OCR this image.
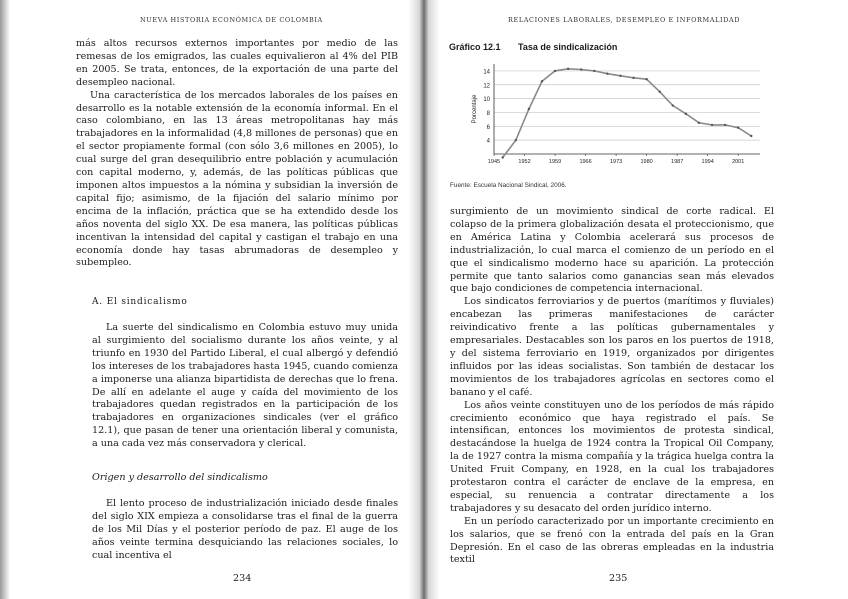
NUEVA HISTORIA ECONÓMICA DE COLOMBIA

más altos recursos externos importantes por medio de las remesas de los emigrados, las cuales equivalieron al 4% del PIB en 2005. Se trata, entonces, de la exportación de una parte del desempleo nacional.

Una característica de los mercados laborales de los países en desarrollo es la notable extensión de la economía informal. En el caso colombiano, en las 13 áreas metropolitanas hay más trabajadores en la informalidad (4,8 millones de personas) que en el sector propiamente formal (con sólo 3,6 millones en 2005), lo cual surge del gran desequilibrio entre población y acumulación con capital moderno, y, además, de las políticas públicas que imponen altos impuestos a la nómina y subsidian la inversión de capital fijo; asimismo, de la fijación del salario mínimo por encima de la inflación, práctica que se ha extendido desde los años noventa del siglo XX. De esa manera, las políticas públicas incentivan la intensidad del capital y castigan el trabajo en una economía donde hay tasas abrumadoras de desempleo y subempleo.

A. El sindicalismo

La suerte del sindicalismo en Colombia estuvo muy unida al surgimiento del socialismo durante los años veinte, y al triunfo en 1930 del Partido Liberal, el cual albergó y defendió los intereses de los trabajadores hasta 1945, cuando comienza a imponerse una alianza bipartidista de derechas que lo frena. De allí en adelante el auge y caída del movimiento de los trabajadores quedan registrados en la participación de los trabajadores en organizaciones sindicales (ver el gráfico 12.1), que pasan de tener una orientación liberal y comunista, a una cada vez más conservadora y clerical.

Origen y desarrollo del sindicalismo

El lento proceso de industrialización iniciado desde finales del siglo XIX empieza a consolidarse tras el final de la guerra de los Mil Días y el posterior período de paz. El auge de los años veinte termina desquiciando las relaciones sociales, lo cual incentiva el

234
RELACIONES LABORALES, DESEMPLEO E INFORMALIDAD
Gráfico 12.1 Tasa de sindicalización
4
6
8
10
12
14
1945	1952	1959	1966	1973	1980	1987	1994	2001
Porcentaje
Fuente: Escuela Nacional Sindical, 2006.

surgimiento de un movimiento sindical de corte radical. El colapso de la primera globalización desata el proteccionismo, que en América Latina y Colombia acelerará sus procesos de industrialización, lo cual marca el comienzo de un período en el que el sindicalismo moderno hace su aparición. La protección permite que tanto salarios como ganancias sean más elevados que bajo condiciones de competencia internacional.

Los sindicatos ferroviarios y de puertos (marítimos y fluviales) encabezan las primeras manifestaciones de carácter reivindicativo frente a las políticas gubernamentales y empresariales. Destacables son los paros en los puertos de 1918, y del sistema ferroviario en 1919, organizados por dirigentes influidos por las ideas socialistas. Son también de destacar los movimientos de los trabajadores agrícolas en sectores como el banano y el café.

Los años veinte constituyen uno de los períodos de más rápido crecimiento económico que haya registrado el país. Se intensifican, entonces los movimientos de protesta sindical, destacándose la huelga de 1924 contra la Tropical Oil Company, la de 1927 contra la misma compañía y la trágica huelga contra la United Fruit Company, en 1928, en la cual los trabajadores protestaron contra el carácter de enclave de la empresa, en especial, su renuencia a contratar directamente a los trabajadores y su desacato del orden jurídico interno.

En un período caracterizado por un importante crecimiento en los salarios, que se frenó con la entrada del país en la Gran Depresión. En el caso de las obreras empleadas en la industria textil

235
